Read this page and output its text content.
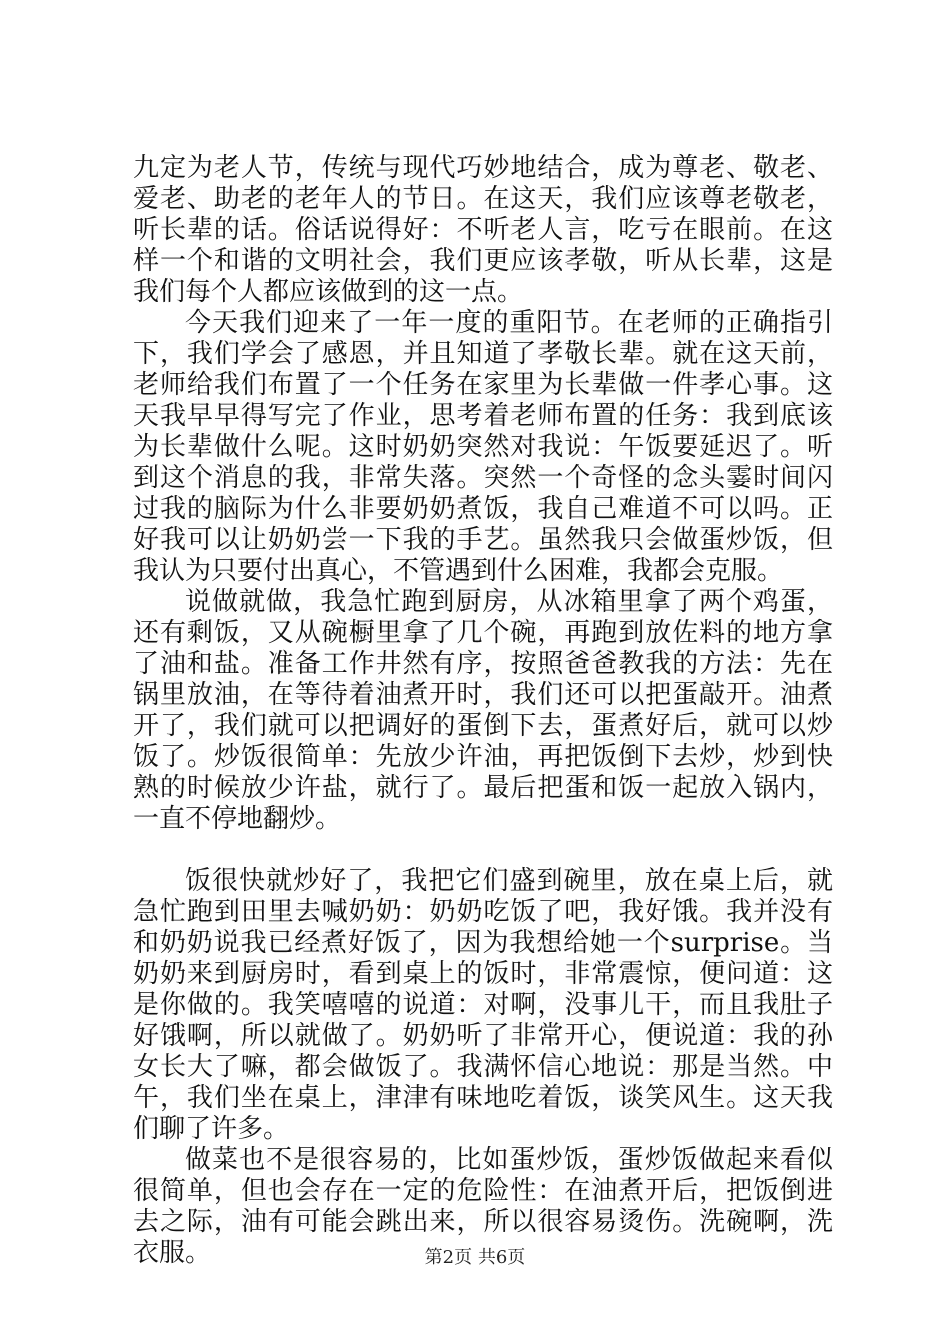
九定为老人节，传统与现代巧妙地结合，成为尊老、敬老、爱老、助老的老年人的节日。在这天，我们应该尊老敬老，听长辈的话。俗话说得好：不听老人言，吃亏在眼前。在这样一个和谐的文明社会，我们更应该孝敬，听从长辈，这是我们每个人都应该做到的这一点。

今天我们迎来了一年一度的重阳节。在老师的正确指引下，我们学会了感恩，并且知道了孝敬长辈。就在这天前，老师给我们布置了一个任务在家里为长辈做一件孝心事。这天我早早得写完了作业，思考着老师布置的任务：我到底该为长辈做什么呢。这时奶奶突然对我说：午饭要延迟了。听到这个消息的我，非常失落。突然一个奇怪的念头霎时间闪过我的脑际为什么非要奶奶煮饭，我自己难道不可以吗。正好我可以让奶奶尝一下我的手艺。虽然我只会做蛋炒饭，但我认为只要付出真心，不管遇到什么困难，我都会克服。

说做就做，我急忙跑到厨房，从冰箱里拿了两个鸡蛋，还有剩饭，又从碗橱里拿了几个碗，再跑到放佐料的地方拿了油和盐。准备工作井然有序，按照爸爸教我的方法：先在锅里放油，在等待着油煮开时，我们还可以把蛋敲开。油煮开了，我们就可以把调好的蛋倒下去，蛋煮好后，就可以炒饭了。炒饭很简单：先放少许油，再把饭倒下去炒，炒到快熟的时候放少许盐，就行了。最后把蛋和饭一起放入锅内，一直不停地翻炒。

饭很快就炒好了，我把它们盛到碗里，放在桌上后，就急忙跑到田里去喊奶奶：奶奶吃饭了吧，我好饿。我并没有和奶奶说我已经煮好饭了，因为我想给她一个surprise。当奶奶来到厨房时，看到桌上的饭时，非常震惊，便问道：这是你做的。我笑嘻嘻的说道：对啊，没事儿干，而且我肚子好饿啊，所以就做了。奶奶听了非常开心，便说道：我的孙女长大了嘛，都会做饭了。我满怀信心地说：那是当然。中午，我们坐在桌上，津津有味地吃着饭，谈笑风生。这天我们聊了许多。

做菜也不是很容易的，比如蛋炒饭，蛋炒饭做起来看似很简单，但也会存在一定的危险性：在油煮开后，把饭倒进去之际，油有可能会跳出来，所以很容易烫伤。洗碗啊，洗衣服。	第2页 共6页
